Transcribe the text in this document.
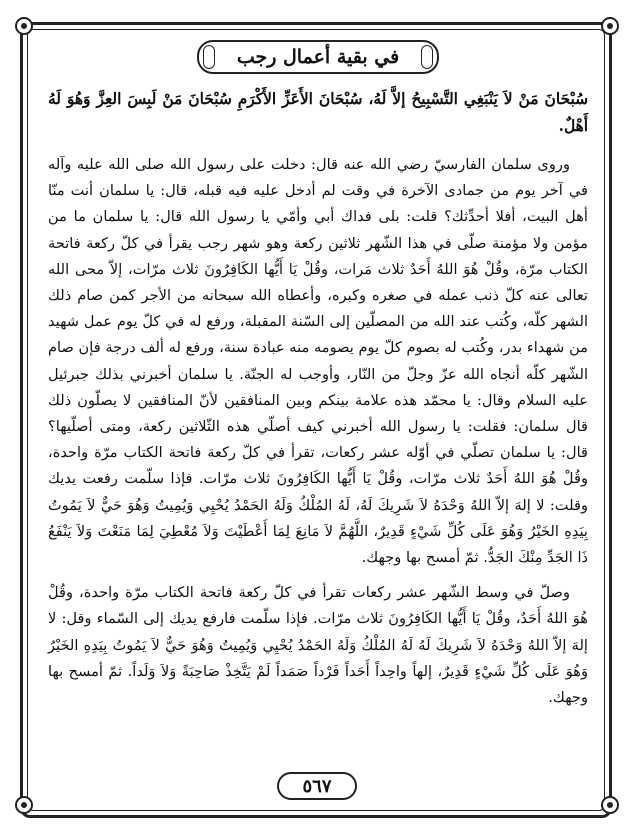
في بقية أعمال رجب

سُبْحَانَ مَنْ لاَ يَنْبَغِي التَّسْبِيحُ إلاَّ لَهُ، سُبْحَانَ الأَعَزِّ الأَكْرَمِ سُبْحَانَ مَنْ لَبِسَ العِزَّ وَهُوَ لَهُ أَهْلٌ.

وروى سلمان الفارسيّ رضي الله عنه قال: دخلت على رسول الله صلى الله عليه وآله في آخر يوم من جمادى الآخرة في وقت لم أدخل عليه فيه قبله، قال: يا سلمان أنت منّا أهل البيت، أفلا أحدِّثك؟ قلت: بلى فداك أبي وأمّي يا رسول الله قال: يا سلمان ما من مؤمن ولا مؤمنة صلّى في هذا الشّهر ثلاثين ركعة وهو شهر رجب يقرأ في كلّ ركعة فاتحة الكتاب مرّة، وقُلْ هُوَ اللهُ أَحَدٌ ثلاث مَرات، وقُلْ يَا أَيُّها الكَافِرُونَ ثلاث مرّات، إلاّ محى الله تعالى عنه كلّ ذنب عمله في صغره وكبره، وأعطاه الله سبحانه من الأجر كمن صام ذلك الشهر كلّه، وكُتب عند الله من المصلّين إلى السّنة المقبلة، ورفع له في كلّ يوم عمل شهيد من شهداء بدر، وكُتب له بصوم كلّ يوم يصومه منه عبادة سنة، ورفع له ألف درجة فإن صام الشّهر كلّه أنجاه الله عزّ وجلّ من النّار، وأوجب له الجنّة. يا سلمان أخبرني بذلك جبرئيل عليه السلام وقال: يا محمّد هذه علامة بينكم وبين المنافقين لأنّ المنافقين لا يصلّون ذلك قال سلمان: فقلت: يا رسول الله أخبرني كيف أصلّي هذه الثّلاثين ركعة، ومتى أصلّيها؟ قال: يا سلمان تصلّي في أوّله عشر ركعات، تقرأ في كلّ ركعة فاتحة الكتاب مرّة واحدة، وقُلْ هُوَ اللهُ أَحَدٌ ثلاث مرّات، وقُلْ يَا أَيُّها الكَافِرُونَ ثلاث مرّات. فإذا سلّمت رفعت يديك وقلت: لا إلهَ إلاّ اللهُ وَحْدَهُ لاَ شَرِيكَ لَهُ، لَهُ المُلْكُ وَلَهُ الحَمْدُ يُحْيِي وَيُمِيتُ وَهُوَ حَيٌّ لاَ يَمُوتُ بِيَدِهِ الخَيْرُ وَهُوَ عَلَى كُلِّ شَيْءٍ قَدِيرٌ، اللَّهُمَّ لاَ مَانِعَ لِمَا أَعْطَيْتَ وَلاَ مُعْطِيَ لِمَا مَنَعْتَ وَلاَ يَنْفَعُ ذَا الجَدِّ مِنْكَ الجَدُّ. ثمّ أمسح بها وجهك.

وصلّ في وسط الشّهر عشر ركعات تقرأ في كلّ ركعة فاتحة الكتاب مرّة واحدة، وقُلْ هُوَ اللهُ أَحَدٌ، وقُلْ يَا أَيُّها الكَافِرُونَ ثلاث مرّات. فإذا سلّمت فارفع يديك إلى السّماء وقل: لا إلهَ إلاّ اللهُ وَحْدَهُ لاَ شَرِيكَ لَهُ لَهُ المُلْكُ وَلَهُ الحَمْدُ يُحْيِي وَيُمِيتُ وَهُوَ حَيٌّ لاَ يَمُوتُ بِيَدِهِ الخَيْرُ وَهُوَ عَلَى كُلِّ شَيْءٍ قَدِيرٌ، إلهاً واحِداً أَحَداً فَرْداً صَمَداً لَمْ يَتَّخِذْ صَاحِبَةً وَلاَ وَلَداً. ثمّ أمسح بها وجهك.

٥٦٧
